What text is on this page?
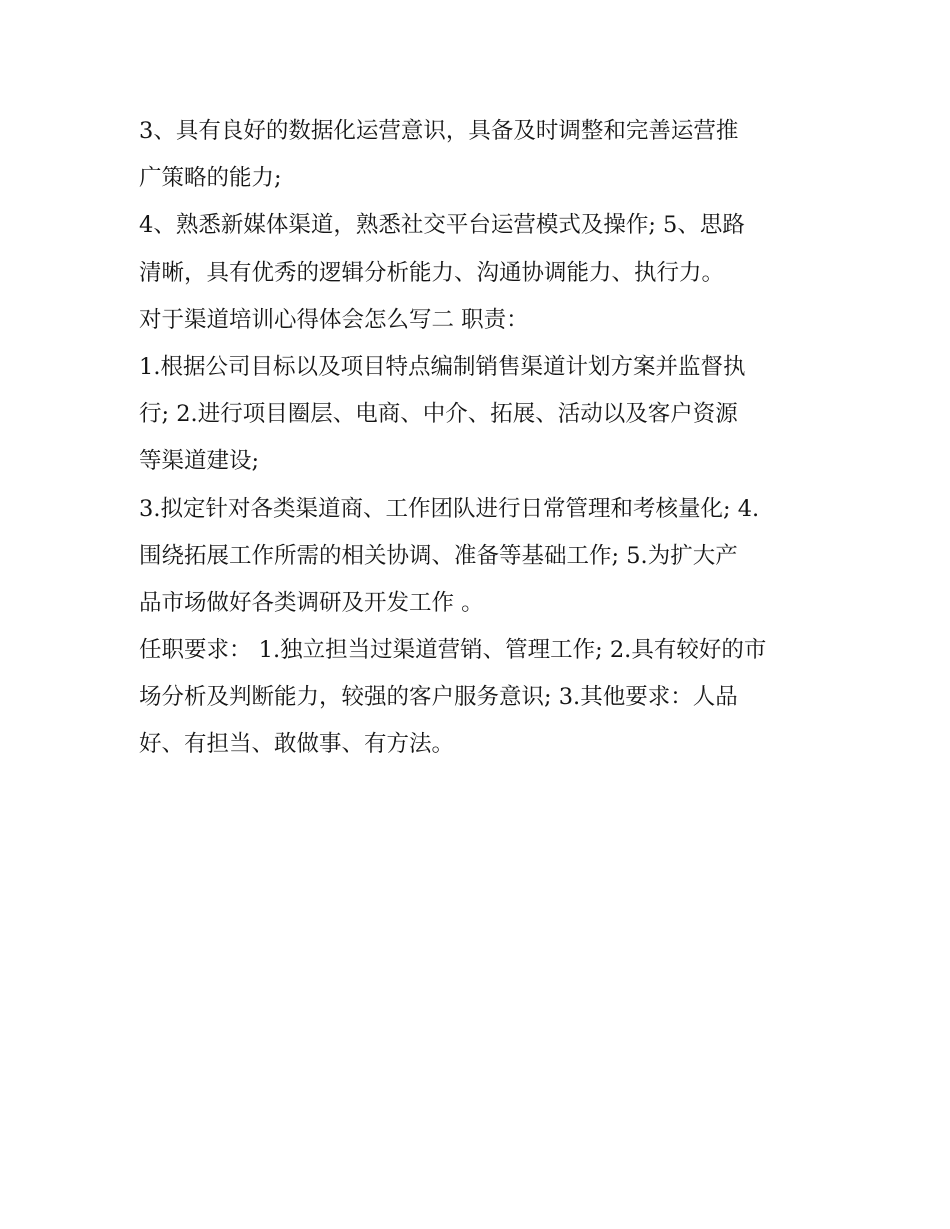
3、具有良好的数据化运营意识，具备及时调整和完善运营推
广策略的能力;
4、熟悉新媒体渠道，熟悉社交平台运营模式及操作; 5、思路
清晰，具有优秀的逻辑分析能力、沟通协调能力、执行力。
对于渠道培训心得体会怎么写二 职责：
1.根据公司目标以及项目特点编制销售渠道计划方案并监督执
行; 2.进行项目圈层、电商、中介、拓展、活动以及客户资源
等渠道建设;
3.拟定针对各类渠道商、工作团队进行日常管理和考核量化; 4.
围绕拓展工作所需的相关协调、准备等基础工作; 5.为扩大产
品市场做好各类调研及开发工作 。
任职要求： 1.独立担当过渠道营销、管理工作; 2.具有较好的市
场分析及判断能力，较强的客户服务意识; 3.其他要求：人品
好、有担当、敢做事、有方法。
